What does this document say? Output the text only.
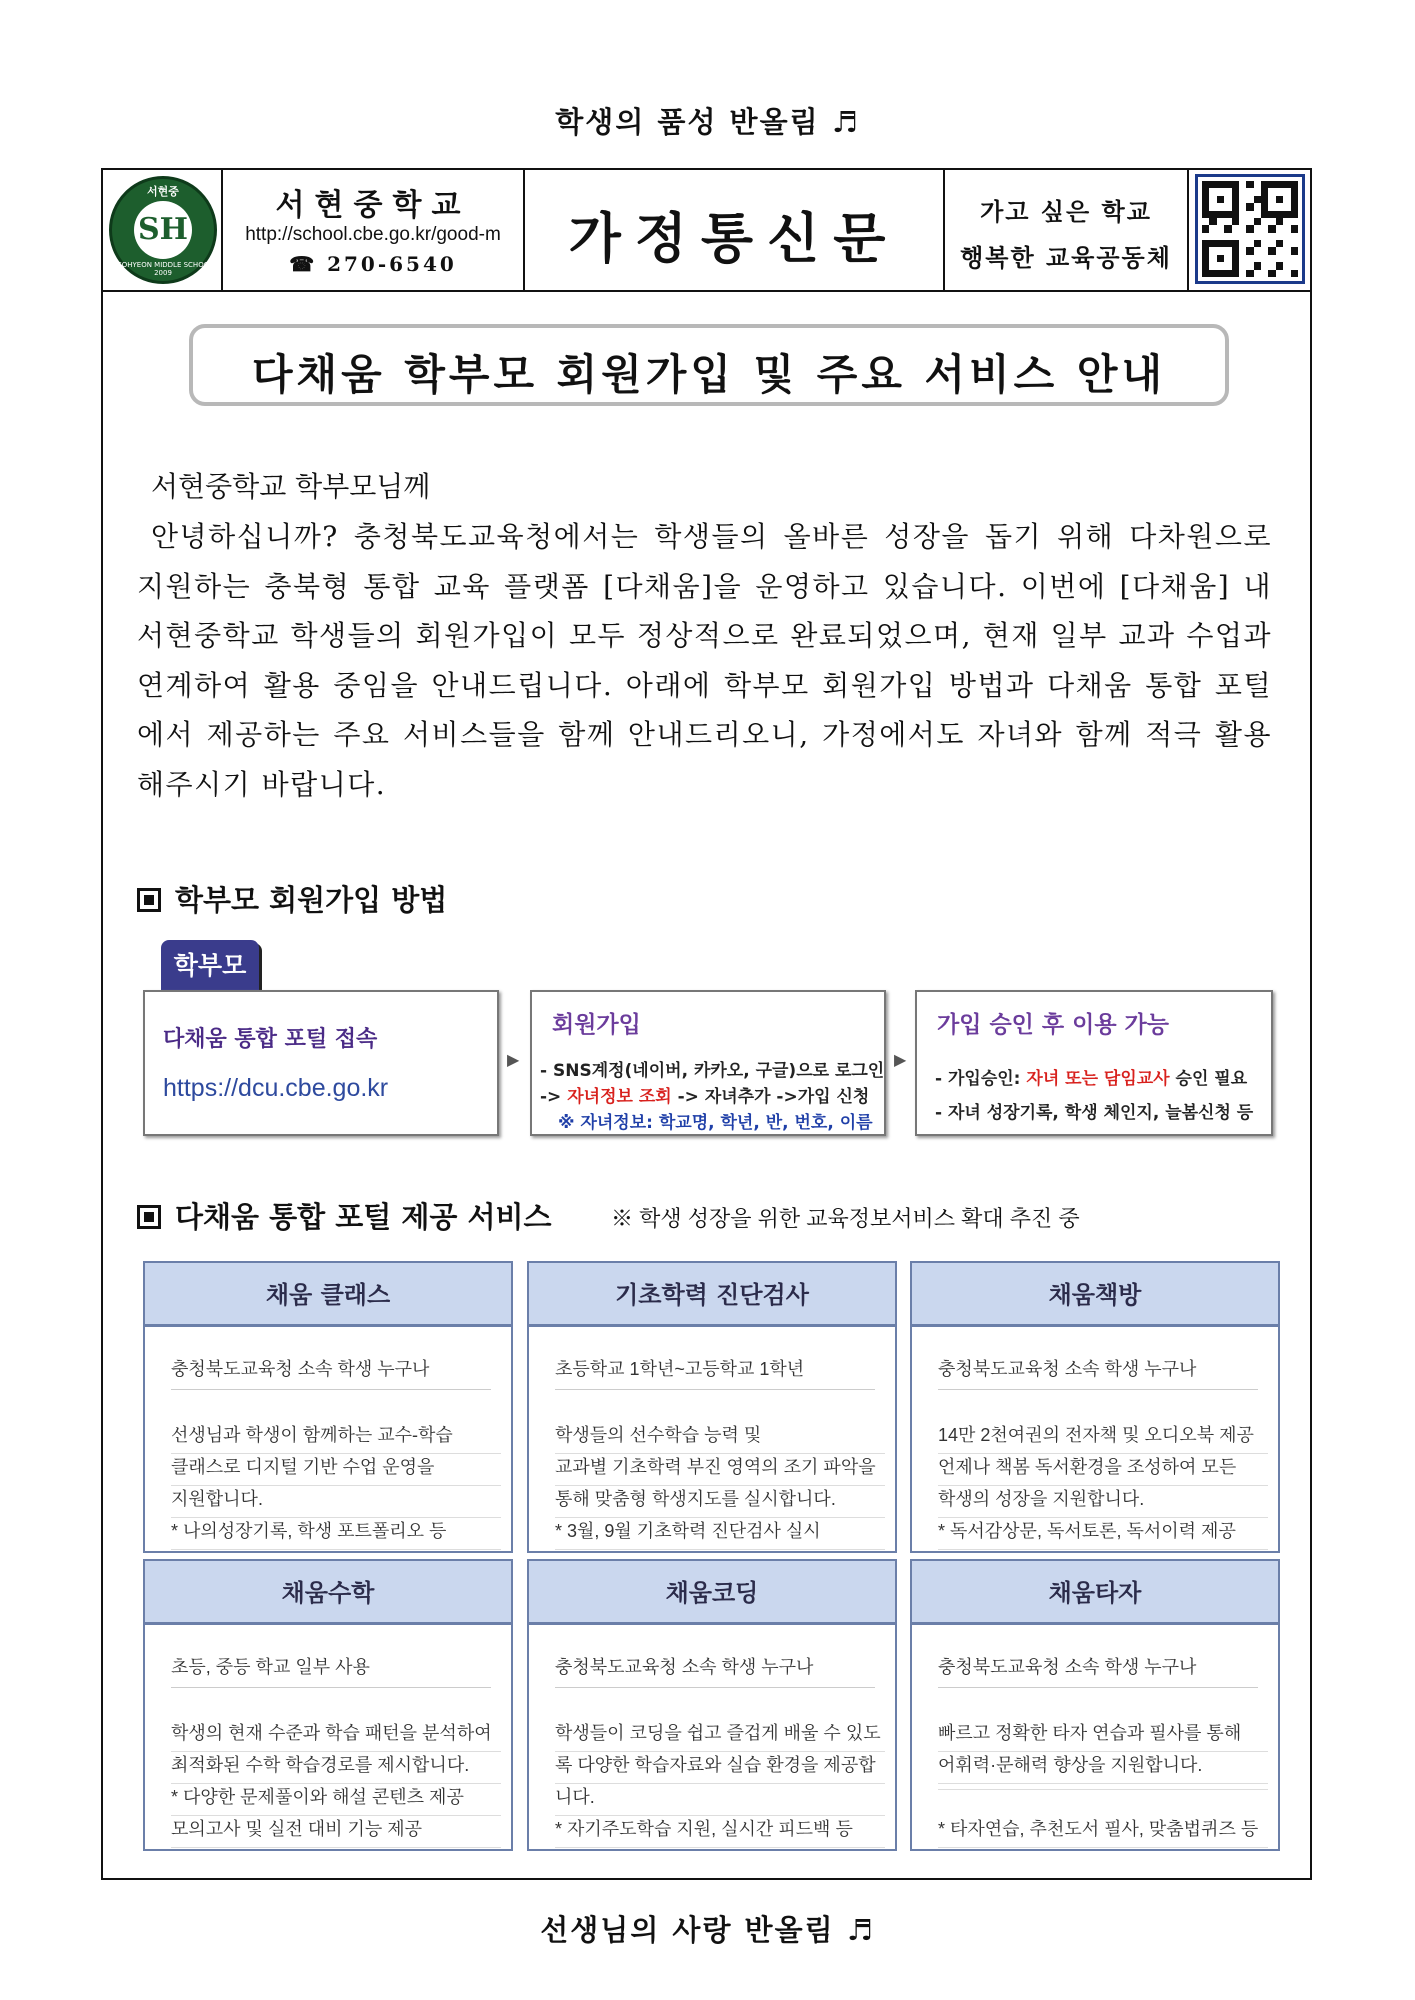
학생의 품성 반올림 ♬
서현중
SH
SEOHYEON MIDDLE SCHOOL 2009
서현중학교
http://school.cbe.go.kr/good-m
☎ 270-6540	가정통신문	가고 싶은 학교
행복한 교육공동체
다채움 학부모 회원가입 및 주요 서비스 안내
서현중학교 학부모님께
안녕하십니까? 충청북도교육청에서는 학생들의 올바른 성장을 돕기 위해 다차원으로 지원하는 충북형 통합 교육 플랫폼 [다채움]을 운영하고 있습니다. 이번에 [다채움] 내 서현중학교 학생들의 회원가입이 모두 정상적으로 완료되었으며, 현재 일부 교과 수업과 연계하여 활용 중임을 안내드립니다. 아래에 학부모 회원가입 방법과 다채움 통합 포털에서 제공하는 주요 서비스들을 함께 안내드리오니, 가정에서도 자녀와 함께 적극 활용해주시기 바랍니다.
학부모 회원가입 방법
학부모
다채움 통합 포털 접속
https://dcu.cbe.go.kr
▶
회원가입
- SNS계정(네이버, 카카오, 구글)으로 로그인
-> 자녀정보 조회 -> 자녀추가 ->가입 신청
※ 자녀정보: 학교명, 학년, 반, 번호, 이름
▶
가입 승인 후 이용 가능
- 가입승인: 자녀 또는 담임교사 승인 필요
- 자녀 성장기록, 학생 체인지, 늘봄신청 등
다채움 통합 포털 제공 서비스	※ 학생 성장을 위한 교육정보서비스 확대 추진 중
채움 클래스
충청북도교육청 소속 학생 누구나
선생님과 학생이 함께하는 교수-학습
클래스로 디지털 기반 수업 운영을
지원합니다.
* 나의성장기록, 학생 포트폴리오 등
기초학력 진단검사
초등학교 1학년~고등학교 1학년
학생들의 선수학습 능력 및
교과별 기초학력 부진 영역의 조기 파악을
통해 맞춤형 학생지도를 실시합니다.
* 3월, 9월 기초학력 진단검사 실시
채움책방
충청북도교육청 소속 학생 누구나
14만 2천여권의 전자책 및 오디오북 제공
언제나 책봄 독서환경을 조성하여 모든
학생의 성장을 지원합니다.
* 독서감상문, 독서토론, 독서이력 제공
채움수학
초등, 중등 학교 일부 사용
학생의 현재 수준과 학습 패턴을 분석하여
최적화된 수학 학습경로를 제시합니다.
* 다양한 문제풀이와 해설 콘텐츠 제공
모의고사 및 실전 대비 기능 제공
채움코딩
충청북도교육청 소속 학생 누구나
학생들이 코딩을 쉽고 즐겁게 배울 수 있도
록 다양한 학습자료와 실습 환경을 제공합
니다.
* 자기주도학습 지원, 실시간 피드백 등
채움타자
충청북도교육청 소속 학생 누구나
빠르고 정확한 타자 연습과 필사를 통해
어휘력·문해력 향상을 지원합니다.
* 타자연습, 추천도서 필사, 맞춤법퀴즈 등
선생님의 사랑 반올림 ♬
